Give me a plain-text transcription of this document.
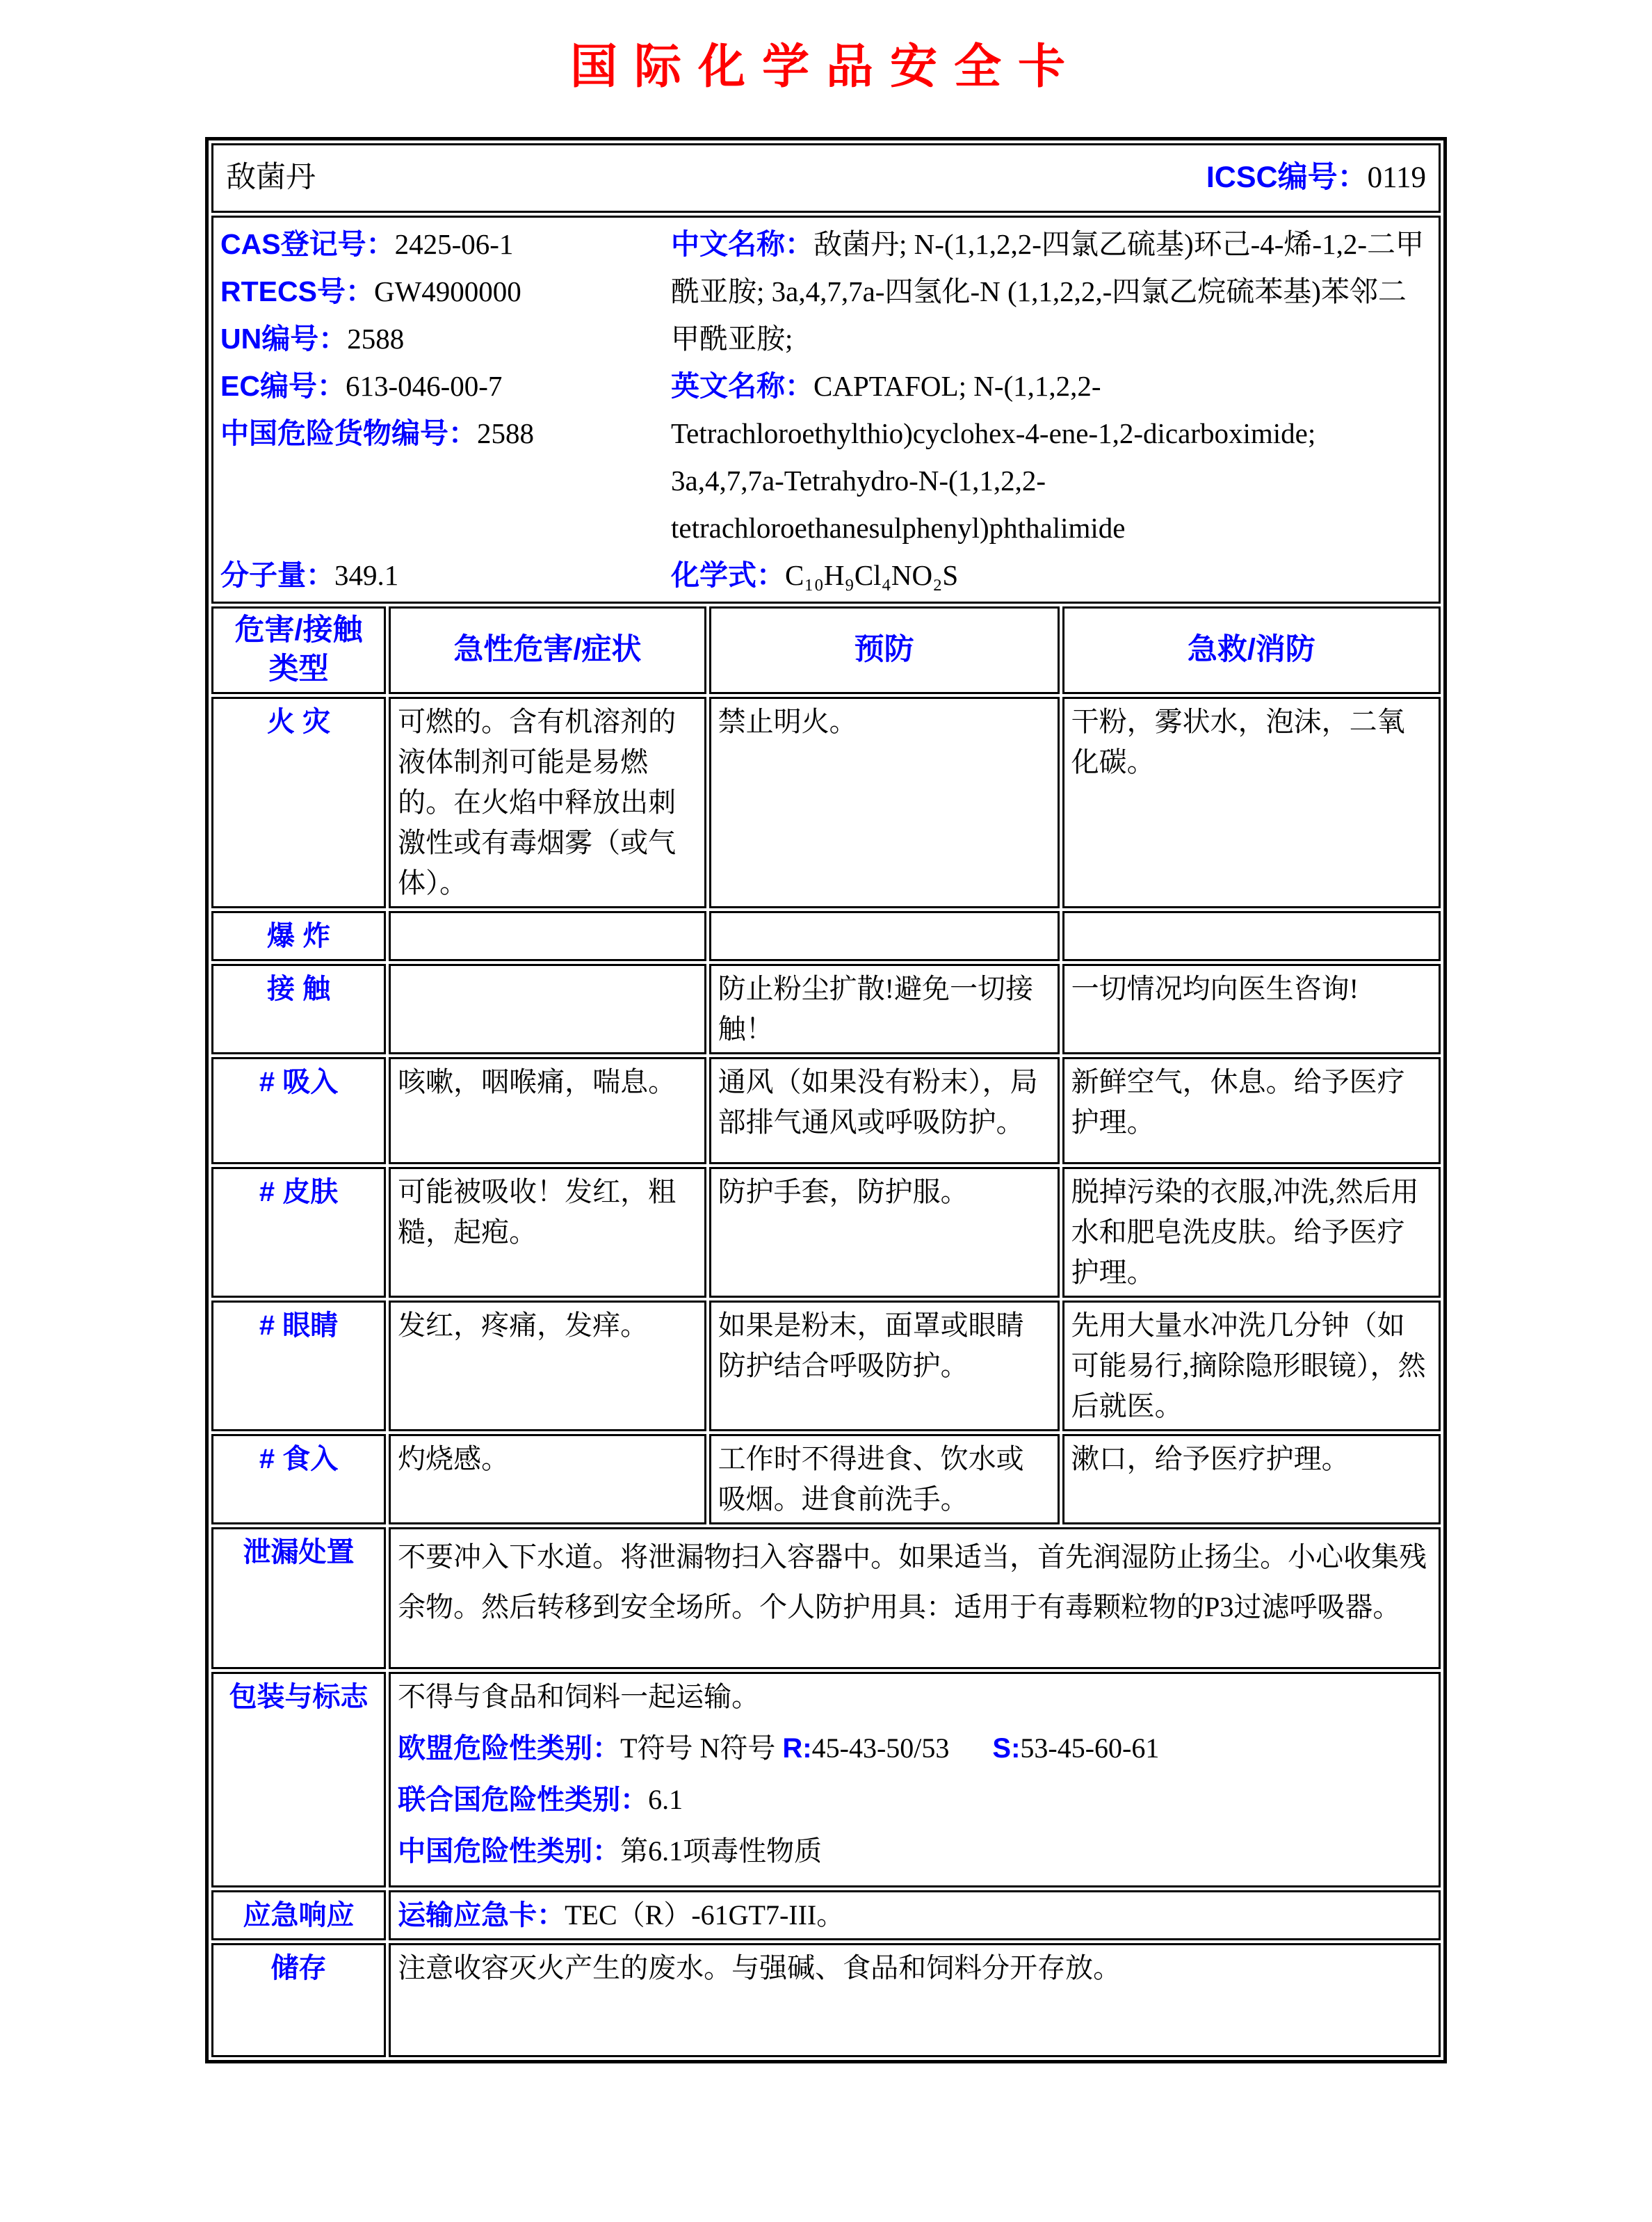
国际化学品安全卡
敌菌丹 ICSC编号：0119			

CAS登记号：2425-06-1

RTECS号：GW4900000

UN编号：2588

EC编号：613-046-00-7

中国危险货物编号：2588

分子量：349.1

中文名称：敌菌丹; N-(1,1,2,2-四氯乙硫基)环己-4-烯-1,2-二甲酰亚胺; 3a,4,7,7a-四氢化-N (1,1,2,2,-四氯乙烷硫苯基)苯邻二甲酰亚胺;

英文名称：CAPTAFOL; N-(1,1,2,2-Tetrachloroethylthio)cyclohex-4-ene-1,2-dicarboximide; 3a,4,7,7a-Tetrahydro-N-(1,1,2,2-tetrachloroethanesulphenyl)phthalimide

化学式：C₁₀H₉Cl₄NO₂S

危害/接触类型	急性危害/症状	预防	急救/消防
火 灾	可燃的。含有机溶剂的液体制剂可能是易燃的。在火焰中释放出刺激性或有毒烟雾（或气体）。	禁止明火。	干粉，雾状水，泡沫，二氧化碳。
爆 炸			
接 触		防止粉尘扩散!避免一切接触！	一切情况均向医生咨询!
# 吸入	咳嗽，咽喉痛，喘息。	通风（如果没有粉末），局部排气通风或呼吸防护。	新鲜空气，休息。给予医疗护理。
# 皮肤	可能被吸收！发红，粗糙，起疱。	防护手套，防护服。	脱掉污染的衣服,冲洗,然后用水和肥皂洗皮肤。给予医疗护理。
# 眼睛	发红，疼痛，发痒。	如果是粉末，面罩或眼睛防护结合呼吸防护。	先用大量水冲洗几分钟（如可能易行,摘除隐形眼镜），然后就医。
# 食入	灼烧感。	工作时不得进食、饮水或吸烟。进食前洗手。	漱口，给予医疗护理。
泄漏处置	不要冲入下水道。将泄漏物扫入容器中。如果适当，首先润湿防止扬尘。小心收集残余物。然后转移到安全场所。个人防护用具：适用于有毒颗粒物的P3过滤呼吸器。		
包装与标志	不得与食品和饲料一起运输。

欧盟危险性类别：T符号 N符号 R:45-43-50/53 S:53-45-60-61

联合国危险性类别：6.1

中国危险性类别：第6.1项毒性物质		

应急响应	运输应急卡：TEC（R）-61GT7-III。		
储存	注意收容灭火产生的废水。与强碱、食品和饲料分开存放。		
